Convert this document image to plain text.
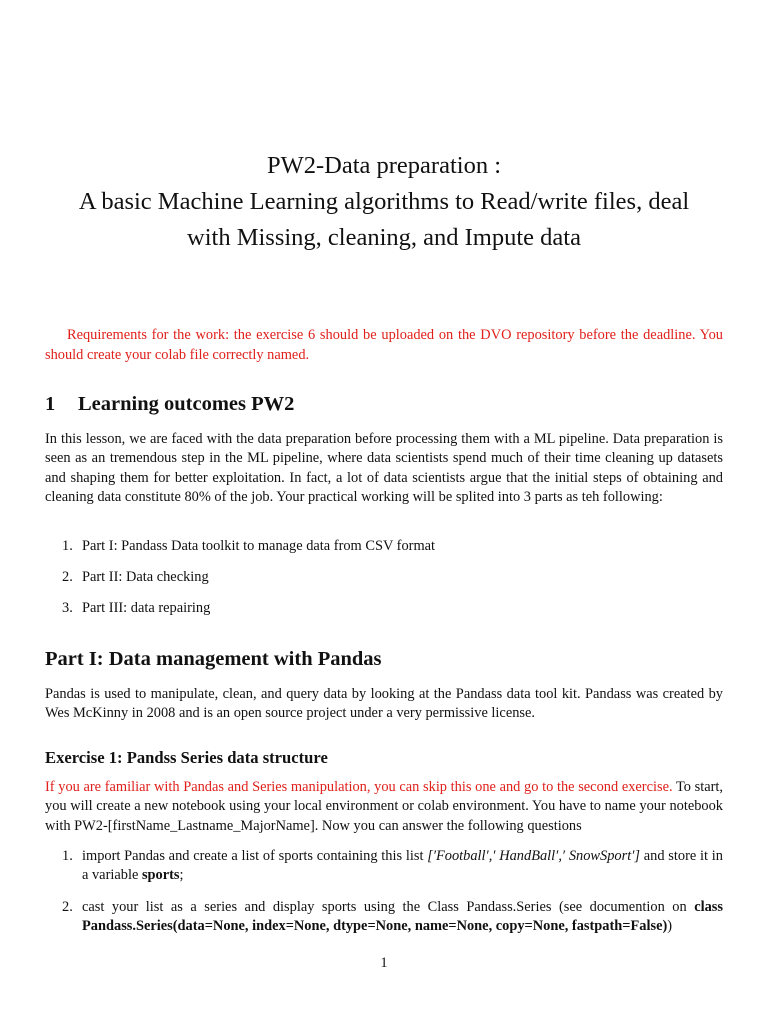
PW2-Data preparation :
A basic Machine Learning algorithms to Read/write files, deal
with Missing, cleaning, and Impute data
Requirements for the work: the exercise 6 should be uploaded on the DVO repository before the deadline. You should create your colab file correctly named.
1 Learning outcomes PW2
In this lesson, we are faced with the data preparation before processing them with a ML pipeline. Data preparation is seen as an tremendous step in the ML pipeline, where data scientists spend much of their time cleaning up datasets and shaping them for better exploitation. In fact, a lot of data scientists argue that the initial steps of obtaining and cleaning data constitute 80% of the job. Your practical working will be splited into 3 parts as teh following:
1. Part I: Pandass Data toolkit to manage data from CSV format
2. Part II: Data checking
3. Part III: data repairing
Part I: Data management with Pandas
Pandas is used to manipulate, clean, and query data by looking at the Pandass data tool kit. Pandass was created by Wes McKinny in 2008 and is an open source project under a very permissive license.
Exercise 1: Pandss Series data structure
If you are familiar with Pandas and Series manipulation, you can skip this one and go to the second exercise. To start, you will create a new notebook using your local environment or colab environment. You have to name your notebook with PW2-[firstName_Lastname_MajorName]. Now you can answer the following questions
1. import Pandas and create a list of sports containing this list [′Football′,′ HandBall′,′ SnowSport′] and store it in a variable sports;
2. cast your list as a series and display sports using the Class Pandass.Series (see documention on class Pandass.Series(data=None, index=None, dtype=None, name=None, copy=None, fastpath=False))
1
